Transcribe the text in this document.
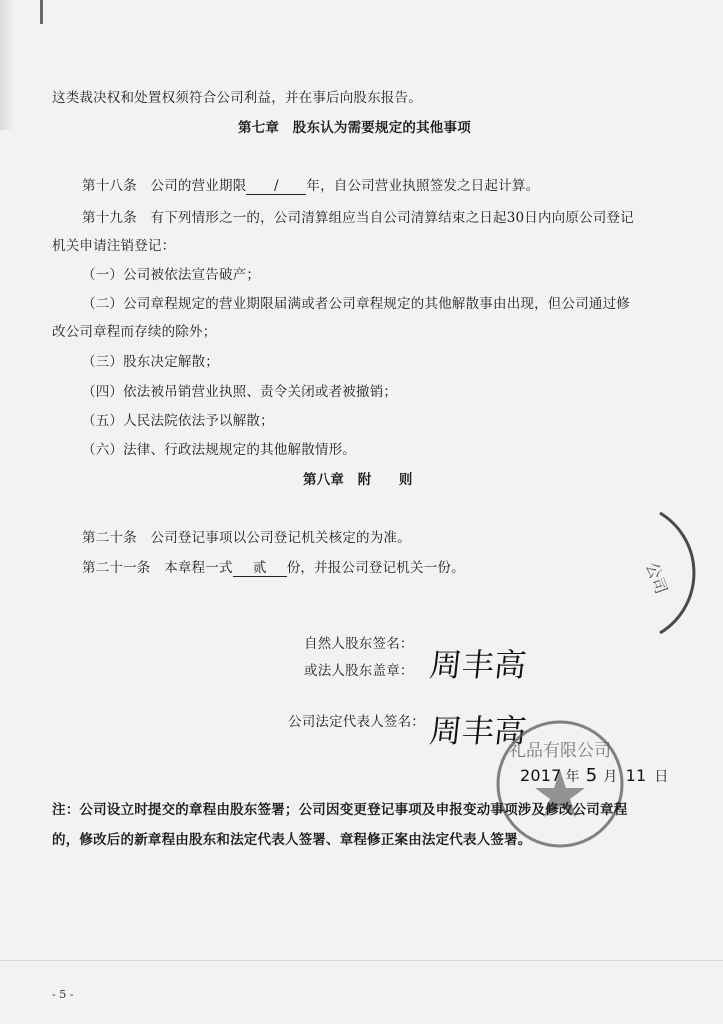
这类裁决权和处置权须符合公司利益，并在事后向股东报告。
第七章　股东认为需要规定的其他事项
第十八条　公司的营业期限 / 年，自公司营业执照签发之日起计算。
第十九条　有下列情形之一的，公司清算组应当自公司清算结束之日起30日内向原公司登记
机关申请注销登记：
（一）公司被依法宣告破产；
（二）公司章程规定的营业期限届满或者公司章程规定的其他解散事由出现，但公司通过修
改公司章程而存续的除外；
（三）股东决定解散；
（四）依法被吊销营业执照、责令关闭或者被撤销；
（五）人民法院依法予以解散；
（六）法律、行政法规规定的其他解散情形。
第八章　附　　则
第二十条　公司登记事项以公司登记机关核定的为准。
第二十一条　本章程一式 贰 份，并报公司登记机关一份。
自然人股东签名：
或法人股东盖章：
公司法定代表人签名：
公司
周丰高
周丰高
礼品有限公司
2017 年 5 月 11 日
注：公司设立时提交的章程由股东签署；公司因变更登记事项及申报变动事项涉及修改公司章程
的，修改后的新章程由股东和法定代表人签署、章程修正案由法定代表人签署。
- 5 -
